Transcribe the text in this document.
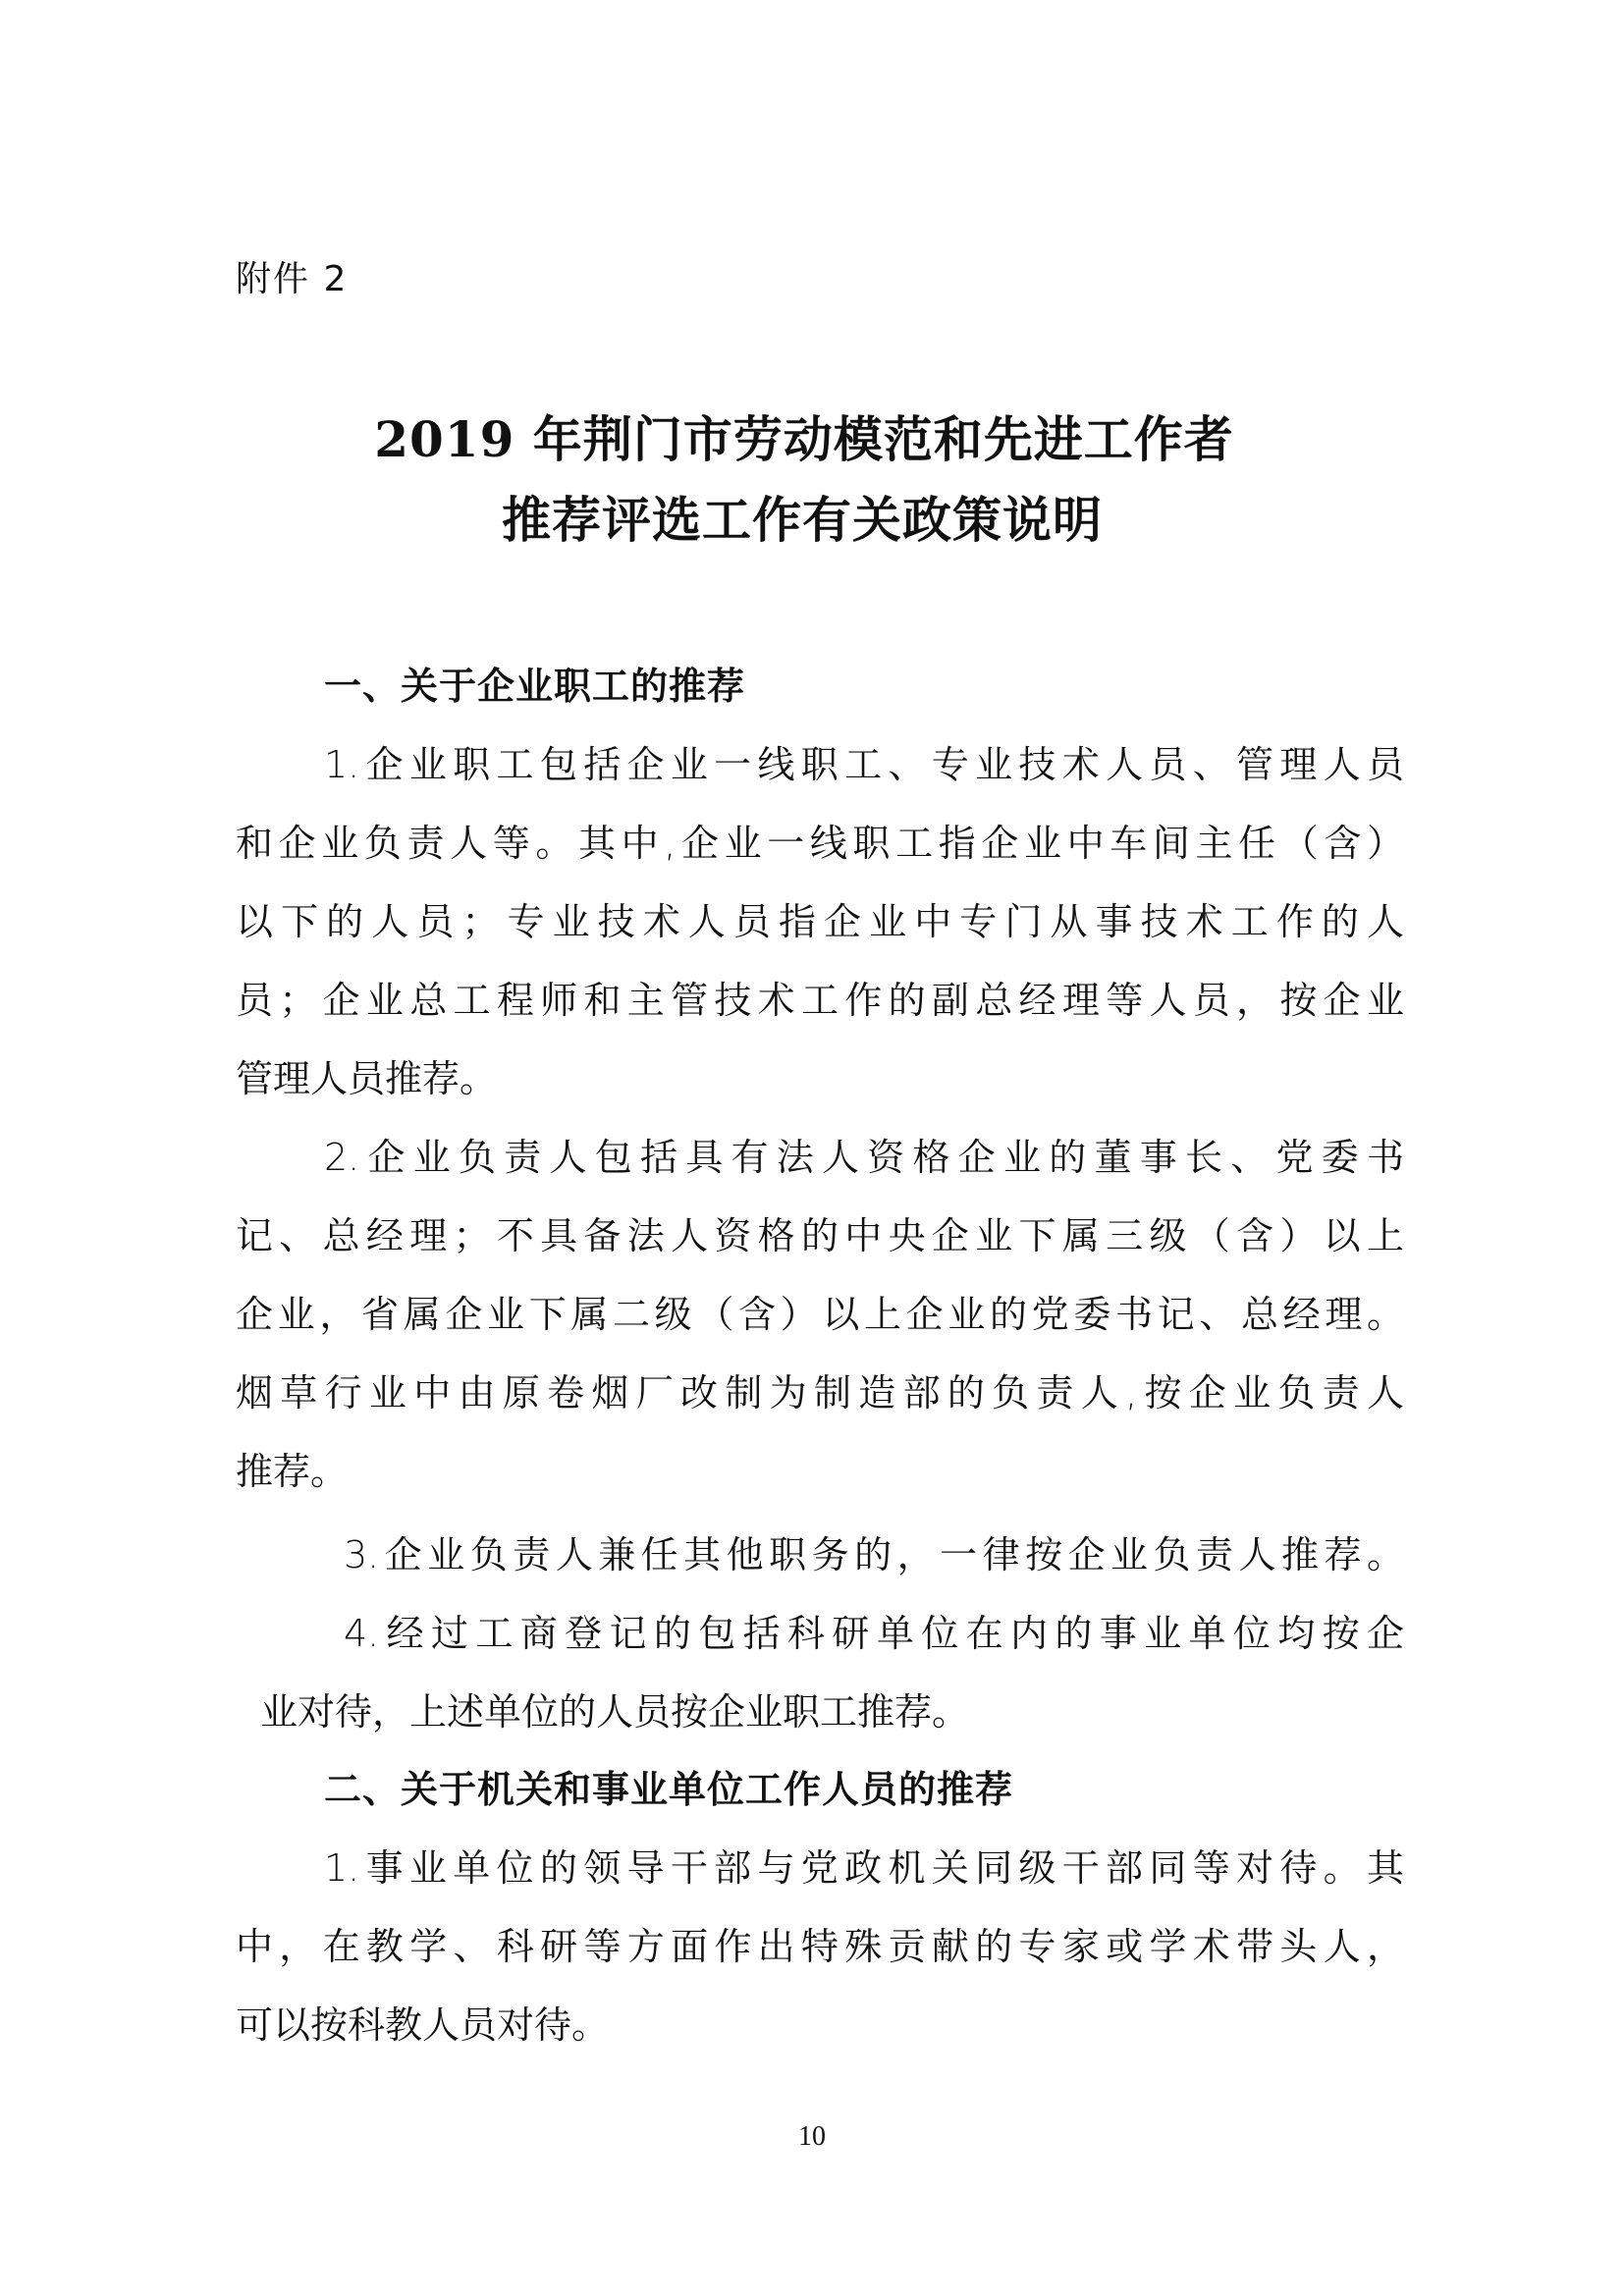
附件 2
2019 年荆门市劳动模范和先进工作者
推荐评选工作有关政策说明
一、关于企业职工的推荐
1.企业职工包括企业一线职工、专业技术人员、管理人员
和企业负责人等。其中,企业一线职工指企业中车间主任（含）
以下的人员；专业技术人员指企业中专门从事技术工作的人
员；企业总工程师和主管技术工作的副总经理等人员，按企业
管理人员推荐。
2.企业负责人包括具有法人资格企业的董事长、党委书
记、总经理；不具备法人资格的中央企业下属三级（含）以上
企业，省属企业下属二级（含）以上企业的党委书记、总经理。
烟草行业中由原卷烟厂改制为制造部的负责人,按企业负责人
推荐。
3.企业负责人兼任其他职务的，一律按企业负责人推荐。
4.经过工商登记的包括科研单位在内的事业单位均按企
业对待，上述单位的人员按企业职工推荐。
二、关于机关和事业单位工作人员的推荐
1.事业单位的领导干部与党政机关同级干部同等对待。其
中，在教学、科研等方面作出特殊贡献的专家或学术带头人，
可以按科教人员对待。
10
